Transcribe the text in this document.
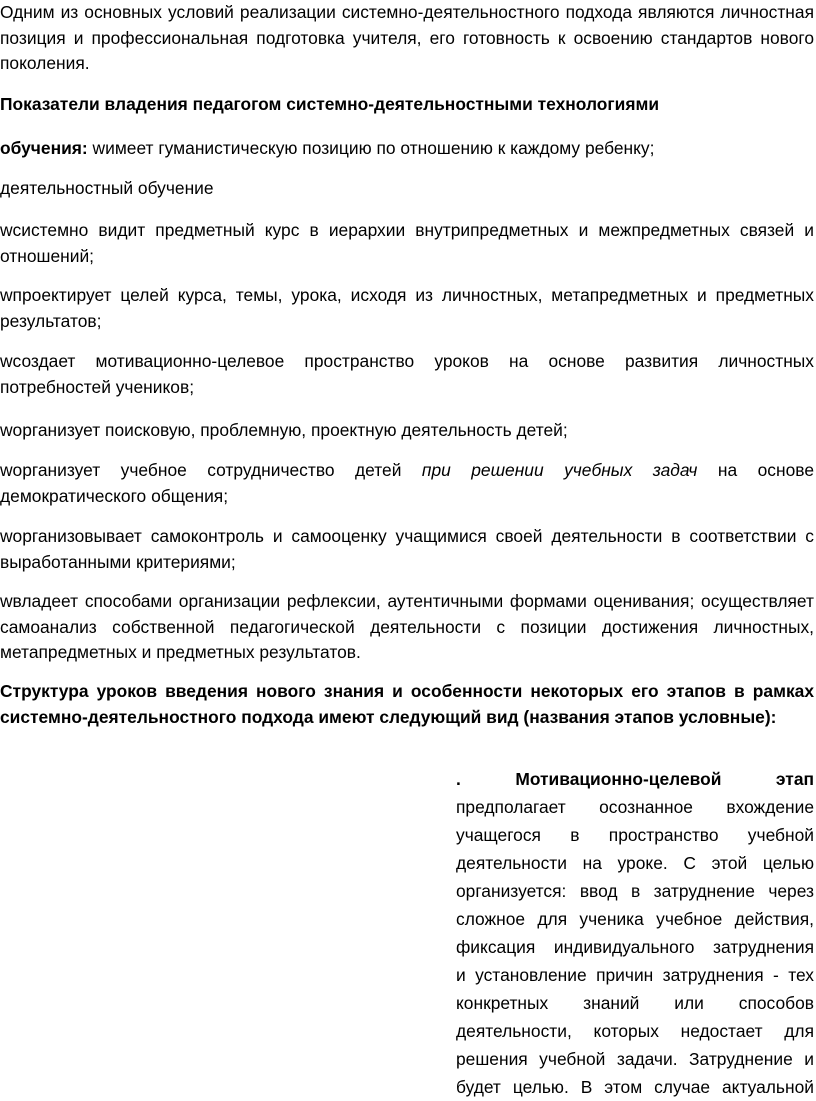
Одним из основных условий реализации системно-деятельностного подхода являются личностная позиция и профессиональная подготовка учителя, его готовность к освоению стандартов нового поколения.

Показатели владения педагогом системно-деятельностными технологиями

обучения: wимеет гуманистическую позицию по отношению к каждому ребенку;

деятельностный обучение

wсистемно видит предметный курс в иерархии внутрипредметных и межпредметных связей и отношений;

wпроектирует целей курса, темы, урока, исходя из личностных, метапредметных и предметных результатов;

wсоздает мотивационно-целевое пространство уроков на основе развития личностных потребностей учеников;

wорганизует поисковую, проблемную, проектную деятельность детей;

wорганизует учебное сотрудничество детей при решении учебных задач на основе демократического общения;

wорганизовывает самоконтроль и самооценку учащимися своей деятельности в соответствии с выработанными критериями;

wвладеет способами организации рефлексии, аутентичными формами оценивания; осуществляет самоанализ собственной педагогической деятельности с позиции достижения личностных, метапредметных и предметных результатов.

Структура уроков введения нового знания и особенности некоторых его этапов в рамках системно-деятельностного подхода имеют следующий вид (названия этапов условные):

. Мотивационно-целевой этап
предполагает осознанное вхождение
учащегося в пространство учебной
деятельности на уроке. С этой целью
организуется: ввод в затруднение через
сложное для ученика учебное действия,
фиксация индивидуального затруднения
и установление причин затруднения - тех
конкретных знаний или способов
деятельности, которых недостает для
решения учебной задачи. Затруднение и
будет целью. В этом случае актуальной
